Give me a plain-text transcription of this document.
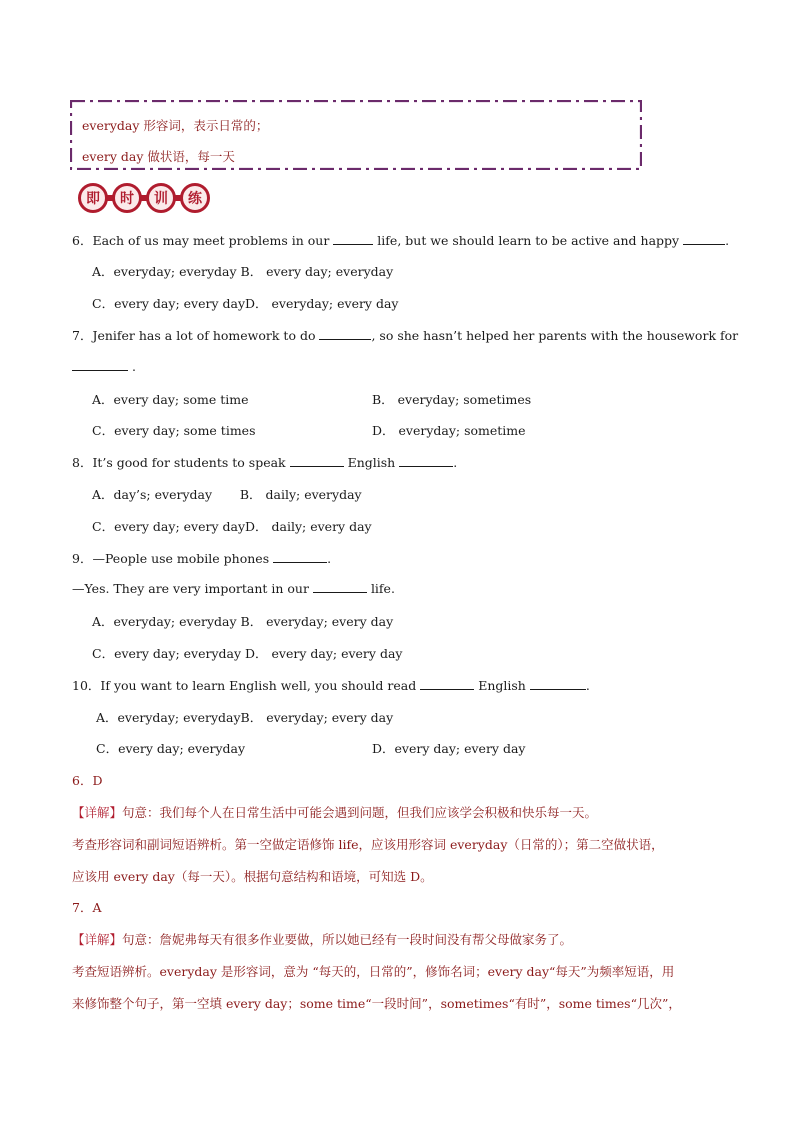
everyday 形容词，表示日常的；
every day 做状语，每一天
即	时	训	练
6．Each of us may meet problems in our	life, but we should learn to be active and happy	.
A．everyday; everyday B． every day; everyday
C．every day; every dayD． everyday; every day
7．Jenifer has a lot of homework to do	, so she hasn’t helped her parents with the housework for
.
A．every day; some time	B． everyday; sometimes
C．every day; some times	D． everyday; sometime
8．It’s good for students to speak	English	.
A．day’s; everyday       B． daily; everyday
C．every day; every dayD． daily; every day
9．—People use mobile phones	.
—Yes. They are very important in our	life.
A．everyday; everyday B． everyday; every day
C．every day; everyday D． every day; every day
10．If you want to learn English well, you should read	English	.
A．everyday; everydayB． everyday; every day
C．every day; everyday	D．every day; every day
6．D
【详解】句意：我们每个人在日常生活中可能会遇到问题，但我们应该学会积极和快乐每一天。
考查形容词和副词短语辨析。第一空做定语修饰 life，应该用形容词 everyday（日常的）；第二空做状语，
应该用 every day（每一天）。根据句意结构和语境，可知选 D。
7．A
【详解】句意：詹妮弗每天有很多作业要做，所以她已经有一段时间没有帮父母做家务了。
考查短语辨析。everyday 是形容词，意为 “每天的，日常的”，修饰名词；every day“每天”为频率短语，用
来修饰整个句子，第一空填 every day；some time“一段时间”，sometimes“有时”，some times“几次”，
